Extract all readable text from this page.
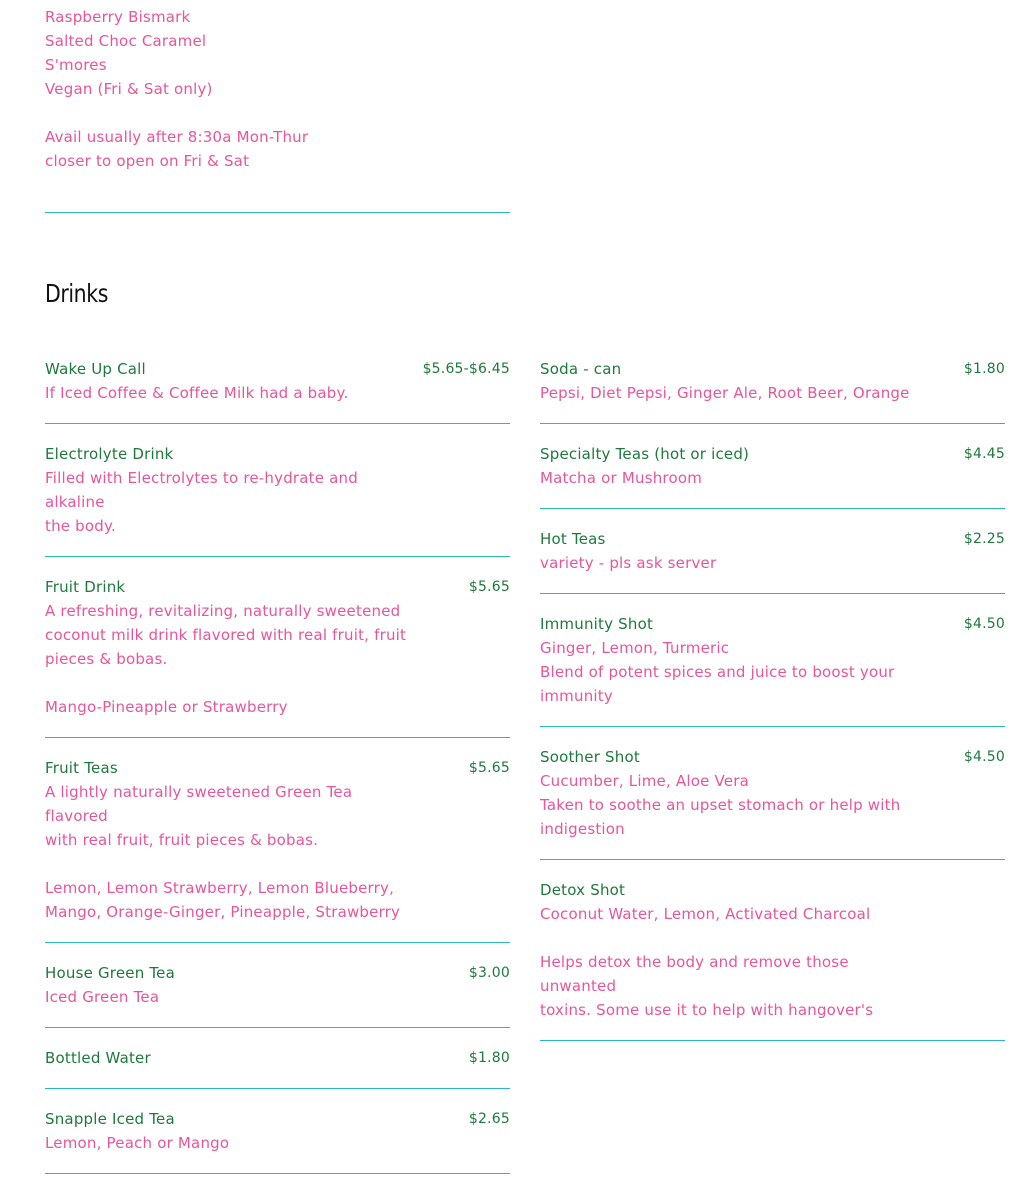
Raspberry Bismark
Salted Choc Caramel
S'mores
Vegan (Fri & Sat only)
Avail usually after 8:30a Mon-Thur
closer to open on Fri & Sat
Drinks
Wake Up Call	$5.65-$6.45
If Iced Coffee & Coffee Milk had a baby.
Electrolyte Drink
Filled with Electrolytes to re-hydrate and alkaline
the body.
Fruit Drink	$5.65
A refreshing, revitalizing, naturally sweetened
coconut milk drink flavored with real fruit, fruit
pieces & bobas.
Mango-Pineapple or Strawberry
Fruit Teas	$5.65
A lightly naturally sweetened Green Tea flavored
with real fruit, fruit pieces & bobas.
Lemon, Lemon Strawberry, Lemon Blueberry,
Mango, Orange-Ginger, Pineapple, Strawberry
House Green Tea	$3.00
Iced Green Tea
Bottled Water	$1.80
Snapple Iced Tea	$2.65
Lemon, Peach or Mango
Soda - can	$1.80
Pepsi, Diet Pepsi, Ginger Ale, Root Beer, Orange
Specialty Teas (hot or iced)	$4.45
Matcha or Mushroom
Hot Teas	$2.25
variety - pls ask server
Immunity Shot	$4.50
Ginger, Lemon, Turmeric
Blend of potent spices and juice to boost your
immunity
Soother Shot	$4.50
Cucumber, Lime, Aloe Vera
Taken to soothe an upset stomach or help with
indigestion
Detox Shot
Coconut Water, Lemon, Activated Charcoal
Helps detox the body and remove those unwanted
toxins. Some use it to help with hangover's
